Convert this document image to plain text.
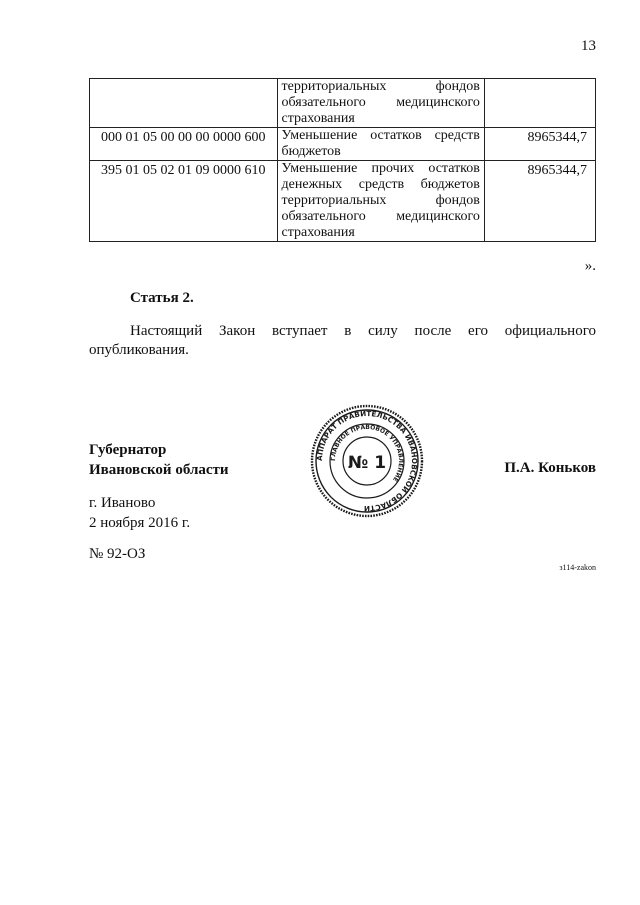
13
	территориальных фондов
обязательного медицинского

страхования	

000 01 05 00 00 00 0000 600	Уменьшение остатков средств

бюджетов	8965344,7
395 01 05 02 01 09 0000 610	Уменьшение прочих остатков
денежных средств бюджетов
территориальных фондов
обязательного медицинского

страхования	8965344,7
».
Статья 2.
Настоящий Закон вступает в силу после его официального опубликования.
Губернатор
Ивановской области
АППАРАТ ПРАВИТЕЛЬСТВА ИВАНОВСКОЙ ОБЛАСТИ
ГЛАВНОЕ ПРАВОВОЕ УПРАВЛЕНИЕ
№ 1	П.А. Коньков
г. Иваново
2 ноября 2016 г.
№ 92-ОЗ
з114-zakon
